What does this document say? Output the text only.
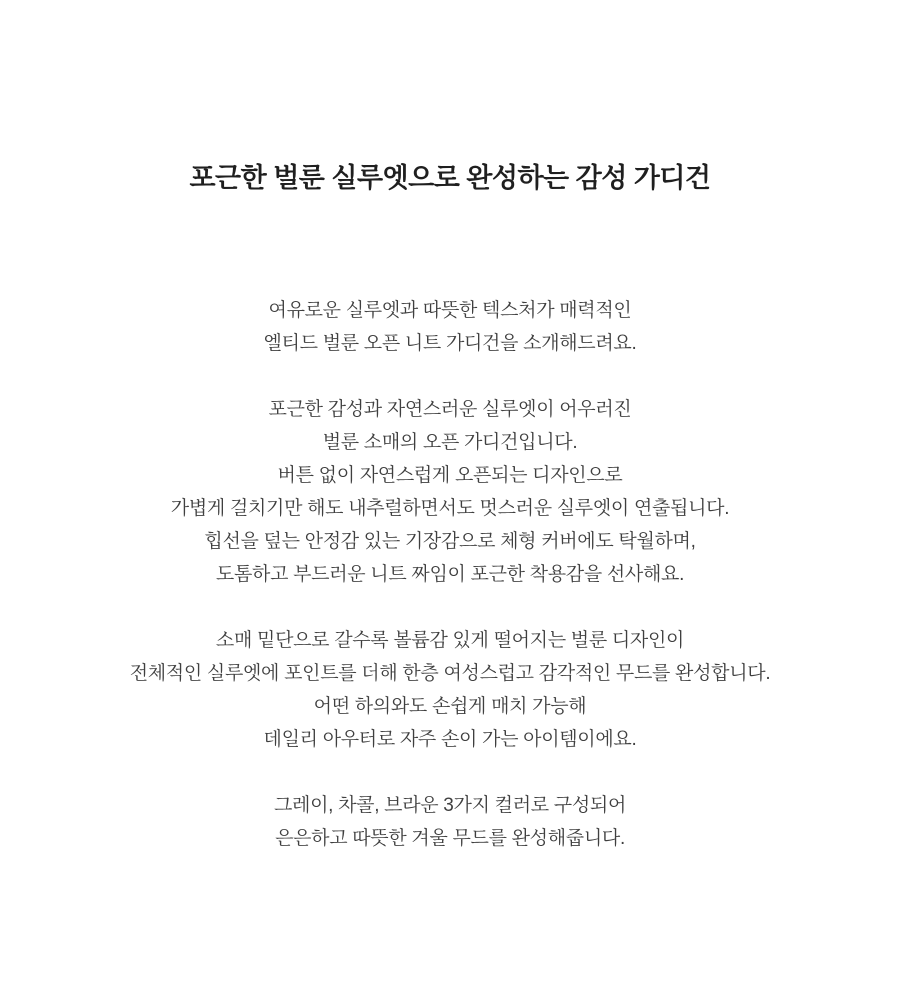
포근한 벌룬 실루엣으로 완성하는 감성 가디건

여유로운 실루엣과 따뜻한 텍스처가 매력적인
엘티드 벌룬 오픈 니트 가디건을 소개해드려요.

포근한 감성과 자연스러운 실루엣이 어우러진
벌룬 소매의 오픈 가디건입니다.
버튼 없이 자연스럽게 오픈되는 디자인으로
가볍게 걸치기만 해도 내추럴하면서도 멋스러운 실루엣이 연출됩니다.
힙선을 덮는 안정감 있는 기장감으로 체형 커버에도 탁월하며,
도톰하고 부드러운 니트 짜임이 포근한 착용감을 선사해요.

소매 밑단으로 갈수록 볼륨감 있게 떨어지는 벌룬 디자인이
전체적인 실루엣에 포인트를 더해 한층 여성스럽고 감각적인 무드를 완성합니다.
어떤 하의와도 손쉽게 매치 가능해
데일리 아우터로 자주 손이 가는 아이템이에요.

그레이, 차콜, 브라운 3가지 컬러로 구성되어
은은하고 따뜻한 겨울 무드를 완성해줍니다.
